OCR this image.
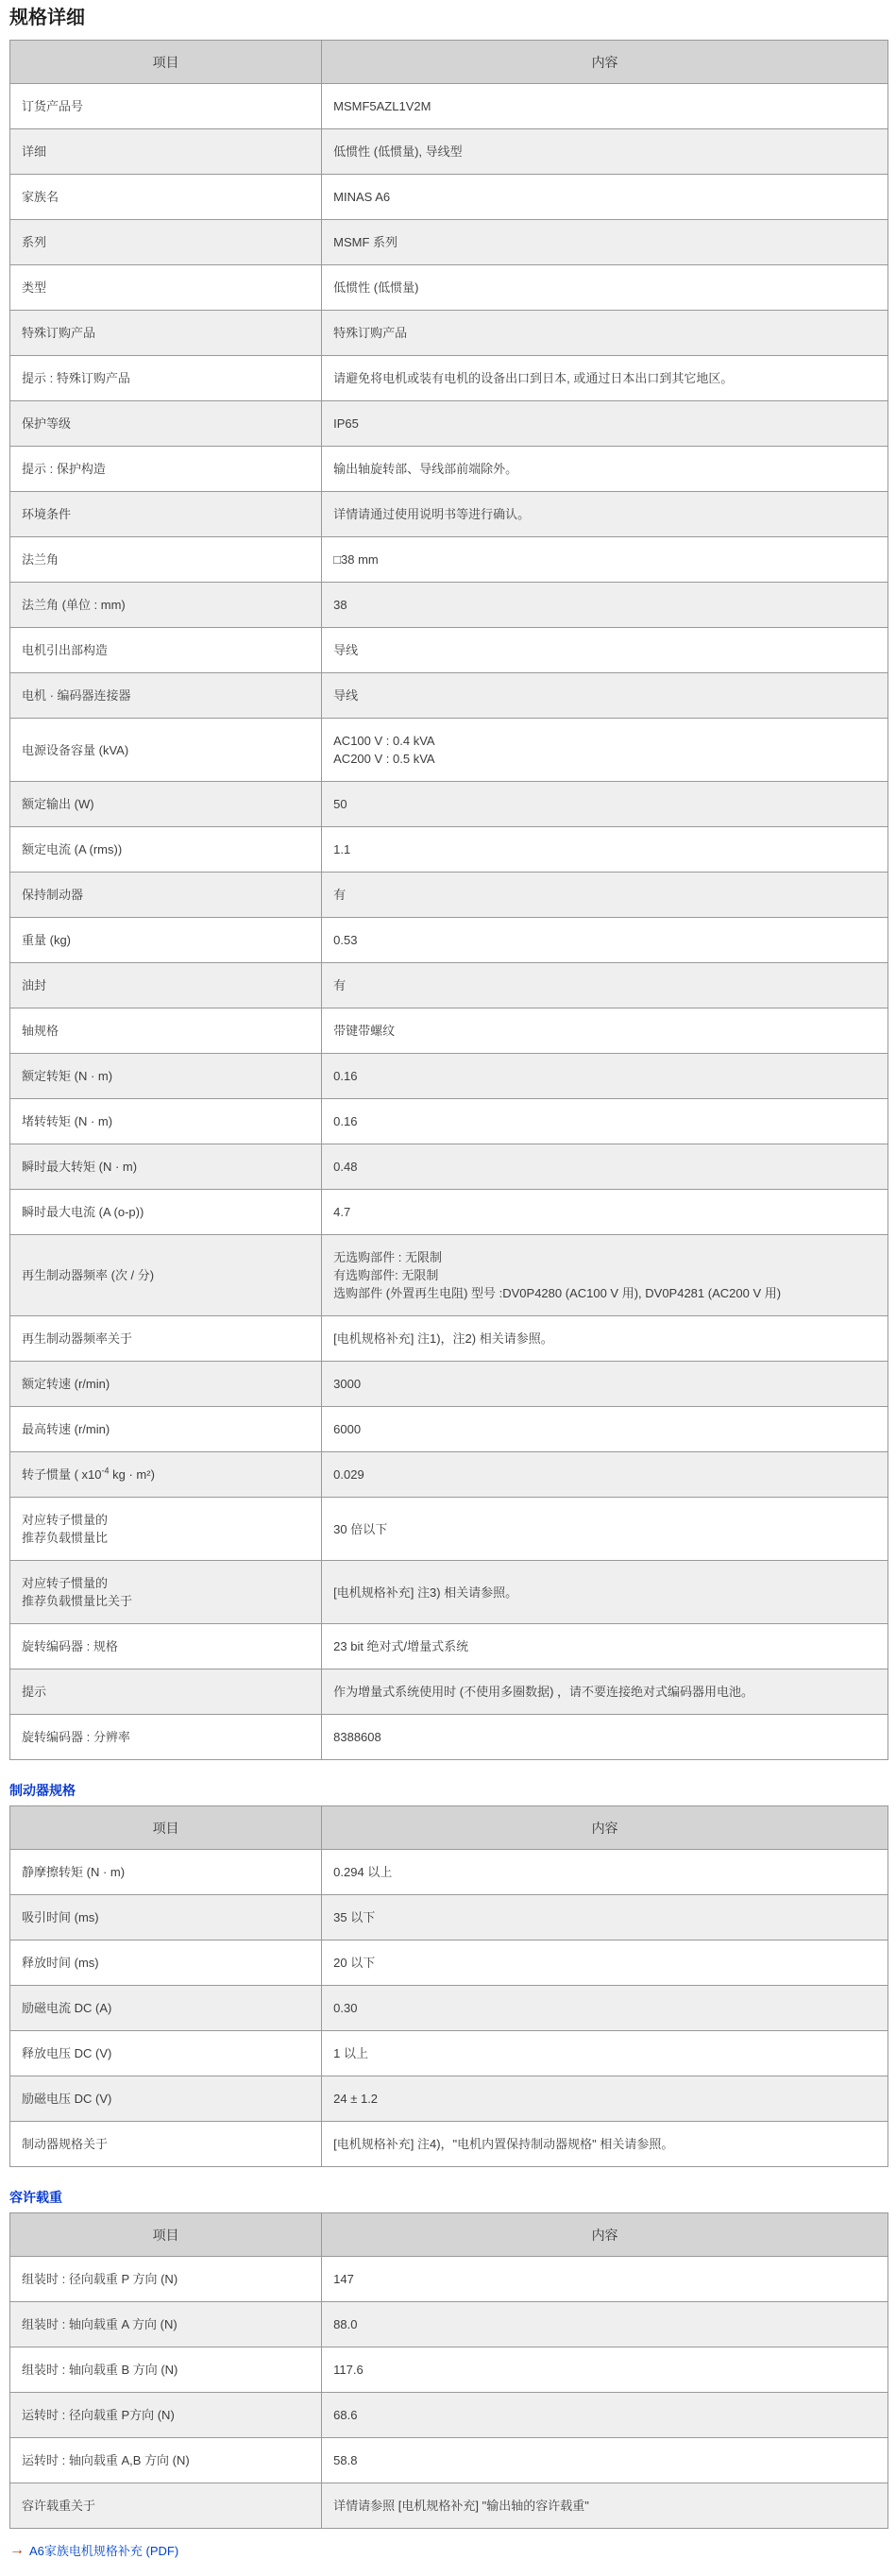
规格详细
项目	内容
订货产品号	MSMF5AZL1V2M
详细	低惯性 (低惯量), 导线型
家族名	MINAS A6
系列	MSMF 系列
类型	低惯性 (低惯量)
特殊订购产品	特殊订购产品
提示 : 特殊订购产品	请避免将电机或装有电机的设备出口到日本, 或通过日本出口到其它地区。
保护等级	IP65
提示 : 保护构造	输出轴旋转部、导线部前端除外。
环境条件	详情请通过使用说明书等进行确认。
法兰角	□38 mm
法兰角 (单位 : mm)	38
电机引出部构造	导线
电机 · 编码器连接器	导线
电源设备容量 (kVA)	AC100 V : 0.4 kVA
AC200 V : 0.5 kVA
额定输出 (W)	50
额定电流 (A (rms))	1.1
保持制动器	有
重量 (kg)	0.53
油封	有
轴规格	带键带螺纹
额定转矩 (N · m)	0.16
堵转转矩 (N · m)	0.16
瞬时最大转矩 (N · m)	0.48
瞬时最大电流 (A (o-p))	4.7
再生制动器频率 (次 / 分)	无选购部件 : 无限制
有选购部件: 无限制
选购部件 (外置再生电阻) 型号 :DV0P4280 (AC100 V 用), DV0P4281 (AC200 V 用)
再生制动器频率关于	[电机规格补充] 注1)，注2) 相关请参照。
额定转速 (r/min)	3000
最高转速 (r/min)	6000
转子惯量 ( $x10^{-4}$ kg · m²)	0.029
对应转子惯量的
推荐负载惯量比	30 倍以下
对应转子惯量的
推荐负载惯量比关于	[电机规格补充] 注3) 相关请参照。
旋转编码器 : 规格	23 bit 绝对式/增量式系统
提示	作为增量式系统使用时 (不使用多圈数据) ，请不要连接绝对式编码器用电池。
旋转编码器 : 分辨率	8388608
制动器规格
项目	内容
静摩擦转矩 (N · m)	0.294 以上
吸引时间 (ms)	35 以下
释放时间 (ms)	20 以下
励磁电流 DC (A)	0.30
释放电压 DC (V)	1 以上
励磁电压 DC (V)	24 ± 1.2
制动器规格关于	[电机规格补充] 注4)，"电机内置保持制动器规格" 相关请参照。
容许载重
项目	内容
组装时 : 径向载重 P 方向 (N)	147
组装时 : 轴向载重 A 方向 (N)	88.0
组装时 : 轴向载重 B 方向 (N)	117.6
运转时 : 径向载重 P方向 (N)	68.6
运转时 : 轴向载重 A,B 方向 (N)	58.8
容许载重关于	详情请参照 [电机规格补充] "输出轴的容许载重"
→ A6家族电机规格补充 (PDF)
